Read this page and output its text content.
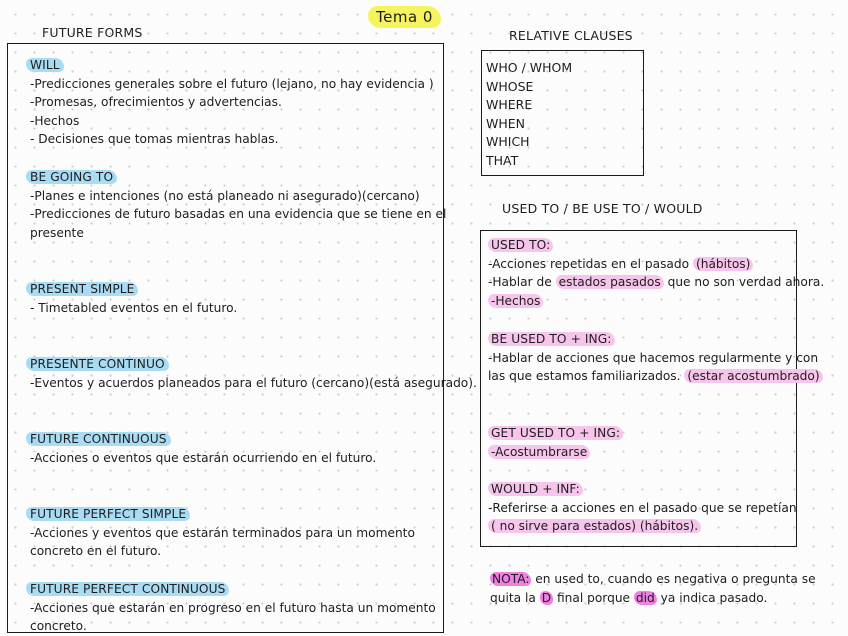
Tema 0
FUTURE FORMS
WILL
-Predicciones generales sobre el futuro (lejano, no hay evidencia )
-Promesas, ofrecimientos y advertencias.
-Hechos
- Decisiones que tomas mientras hablas.
BE GOING TO
-Planes e intenciones (no está planeado ni asegurado)(cercano)
-Predicciones de futuro basadas en una evidencia que se tiene en el
presente
PRESENT SIMPLE
- Timetabled eventos en el futuro.
PRESENTE CONTINUO
-Eventos y acuerdos planeados para el futuro (cercano)(está asegurado).
FUTURE CONTINUOUS
-Acciones o eventos que estarán ocurriendo en el futuro.
FUTURE PERFECT SIMPLE
-Acciones y eventos que estarán terminados para un momento
concreto en el futuro.
FUTURE PERFECT CONTINUOUS
-Acciones que estarán en progreso en el futuro hasta un momento
concreto.
RELATIVE CLAUSES
WHO / WHOM
WHOSE
WHERE
WHEN
WHICH
THAT
USED TO / BE USE TO / WOULD
USED TO:
-Acciones repetidas en el pasado (hábitos)
-Hablar de estados pasados que no son verdad ahora.
-Hechos
BE USED TO + ING:
-Hablar de acciones que hacemos regularmente y con
las que estamos familiarizados. (estar acostumbrado)
GET USED TO + ING:
-Acostumbrarse
WOULD + INF:
-Referirse a acciones en el pasado que se repetían
( no sirve para estados) (hábitos).
NOTA: en used to, cuando es negativa o pregunta se
quita la D final porque did ya indica pasado.
